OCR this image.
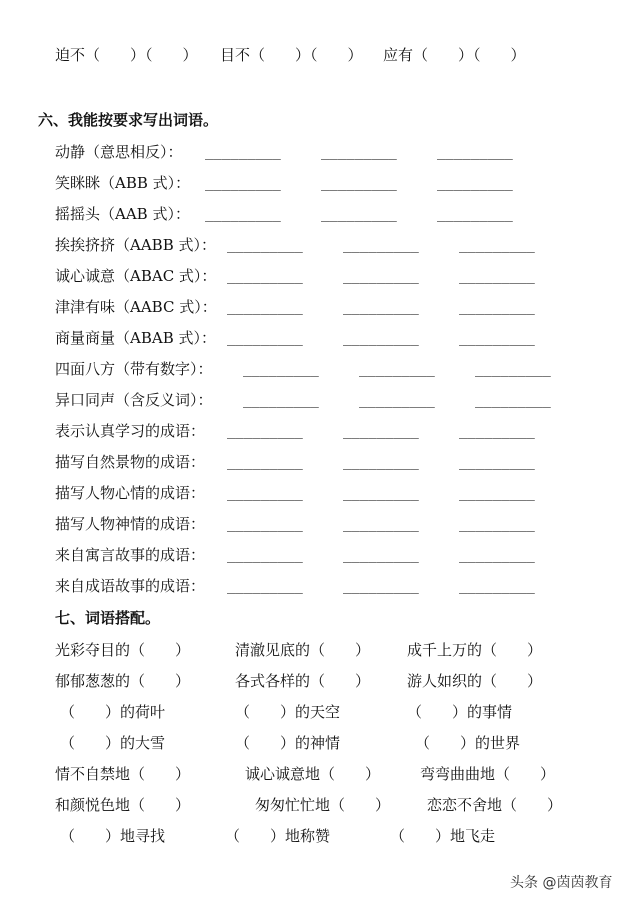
迫不（　　）（　　） 目不（　　）（　　） 应有（　　）（　　）
六、我能按要求写出词语。
动静（意思相反）： _________	_________	_________
笑眯眯（ABB 式）： _________	_________	_________
摇摇头（AAB 式）： _________	_________	_________
挨挨挤挤（AABB 式）： _________	_________	_________
诚心诚意（ABAC 式）： _________	_________	_________
津津有味（AABC 式）： _________	_________	_________
商量商量（ABAB 式）： _________	_________	_________
四面八方（带有数字）： _________	_________	_________
异口同声（含反义词）： _________	_________	_________
表示认真学习的成语： _________	_________	_________
描写自然景物的成语： _________	_________	_________
描写人物心情的成语： _________	_________	_________
描写人物神情的成语： _________	_________	_________
来自寓言故事的成语： _________	_________	_________
来自成语故事的成语： _________	_________	_________
七、词语搭配。
光彩夺目的（　　）	清澈见底的（　　） 成千上万的（　　）
郁郁葱葱的（　　）	各式各样的（　　） 游人如织的（　　）
（　　）的荷叶	（　　）的天空	（　　）的事情
（　　）的大雪	（　　）的神情	（　　）的世界
情不自禁地（　　）	诚心诚意地（　　）	弯弯曲曲地（　　）
和颜悦色地（　　）	匆匆忙忙地（　　） 恋恋不舍地（　　）
（　　）地寻找	（　　）地称赞	（　　）地飞走
头条 @茵茵教育
